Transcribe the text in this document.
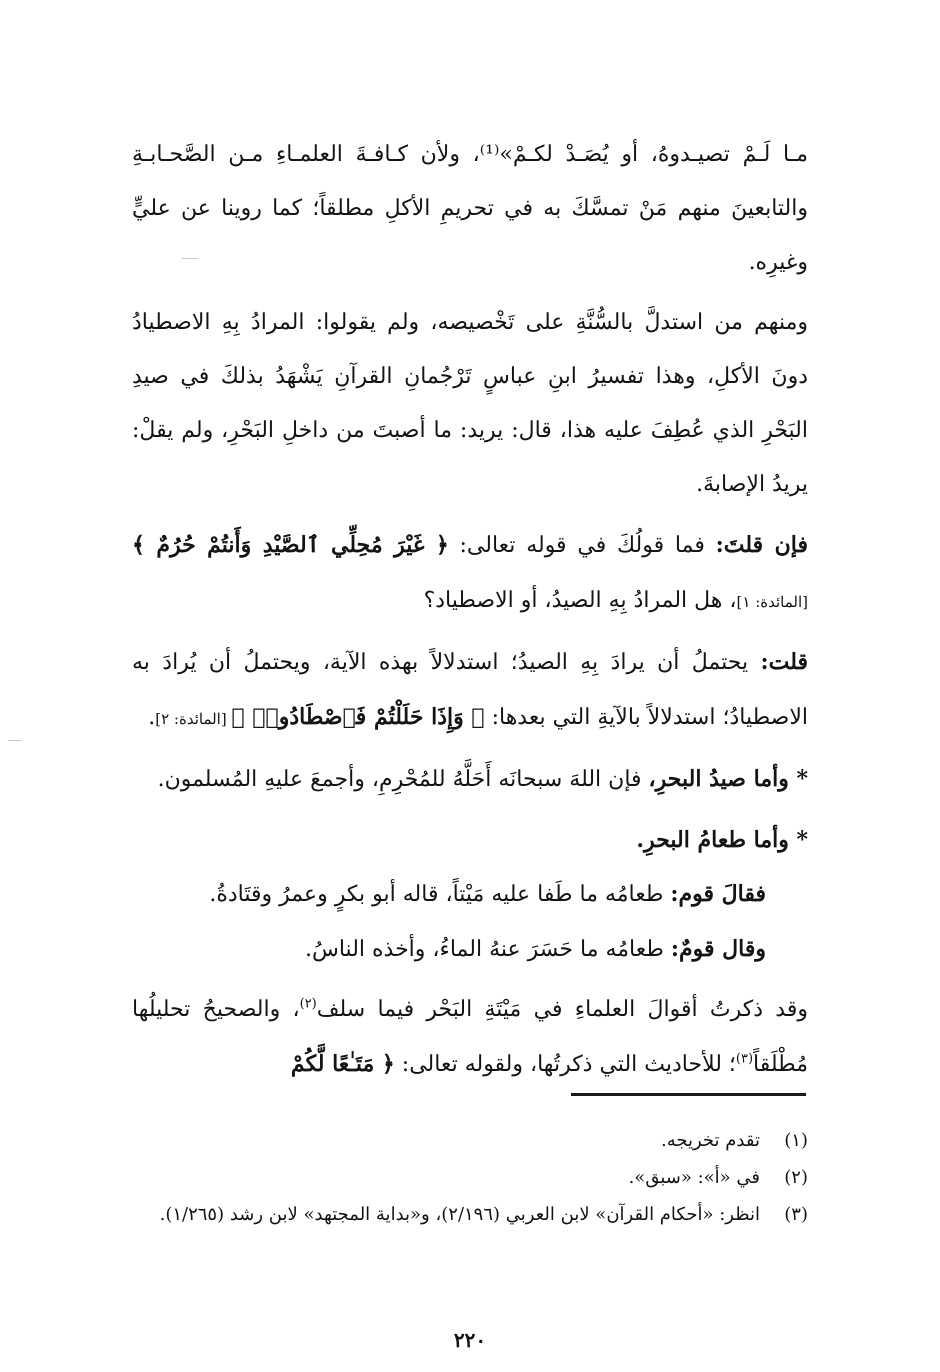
مـا لَـمْ تصيـدوهُ، أو يُصَـدْ لكـمْ»⁽¹⁾، ولأن كـافـةَ العلمـاءِ مـن الصَّحـابـةِ والتابعينَ منهم مَنْ تمسَّكَ به في تحريمِ الأكلِ مطلقاً؛ كما روينا عن عليٍّ وغيرِه.

ومنهم من استدلَّ بالسُّنَّةِ على تَخْصيصه، ولم يقولوا: المرادُ بِهِ الاصطيادُ دونَ الأكلِ، وهذا تفسيرُ ابنِ عباسٍ تَرْجُمانِ القرآنِ يَشْهَدُ بذلكَ في صيدِ البَحْرِ الذي عُطِفَ عليه هذا، قال: يريد: ما أصبتَ من داخلِ البَحْرِ، ولم يقلْ: يريدُ الإصابةَ.

فإن قلتَ: فما قولُكَ في قوله تعالى: ﴿ غَيْرَ مُحِلِّي ٱلصَّيْدِ وَأَنتُمْ حُرُمٌ ﴾ [المائدة: ١]، هل المرادُ بِهِ الصيدُ، أو الاصطياد؟

قلت: يحتملُ أن يرادَ بِهِ الصيدُ؛ استدلالاً بهذه الآية، ويحتملُ أن يُرادَ به الاصطيادُ؛ استدلالاً بالآيةِ التي بعدها: ﴿ وَإِذَا حَلَلْتُمْ فَٱصْطَادُوا۟ ﴾ [المائدة: ٢].

* وأما صيدُ البحرِ، فإن اللهَ سبحانَه أَحَلَّهُ للمُحْرِمِ، وأجمعَ عليهِ المُسلمون.

* وأما طعامُ البحرِ.

فقالَ قوم: طعامُه ما طَفا عليه مَيْتاً، قاله أبو بكرٍ وعمرُ وقتَادةُ.

وقال قومٌ: طعامُه ما حَسَرَ عنهُ الماءُ، وأخذه الناسُ.

وقد ذكرتُ أقوالَ العلماءِ في مَيْتَةِ البَحْر فيما سلف$^{(٢)}$، والصحيحُ تحليلُها مُطْلَقاً$^{(٣)}$؛ للأحاديث التي ذكرتُها، ولقوله تعالى: ﴿ مَتَـٰعًا لَّكُمْ

(١)تقدم تخريجه.

(٢)في «أ»: «سبق».

(٣)انظر: «أحكام القرآن» لابن العربي (٢/١٩٦)، و«بداية المجتهد» لابن رشد (١/٢٦٥).

٢٢٠
